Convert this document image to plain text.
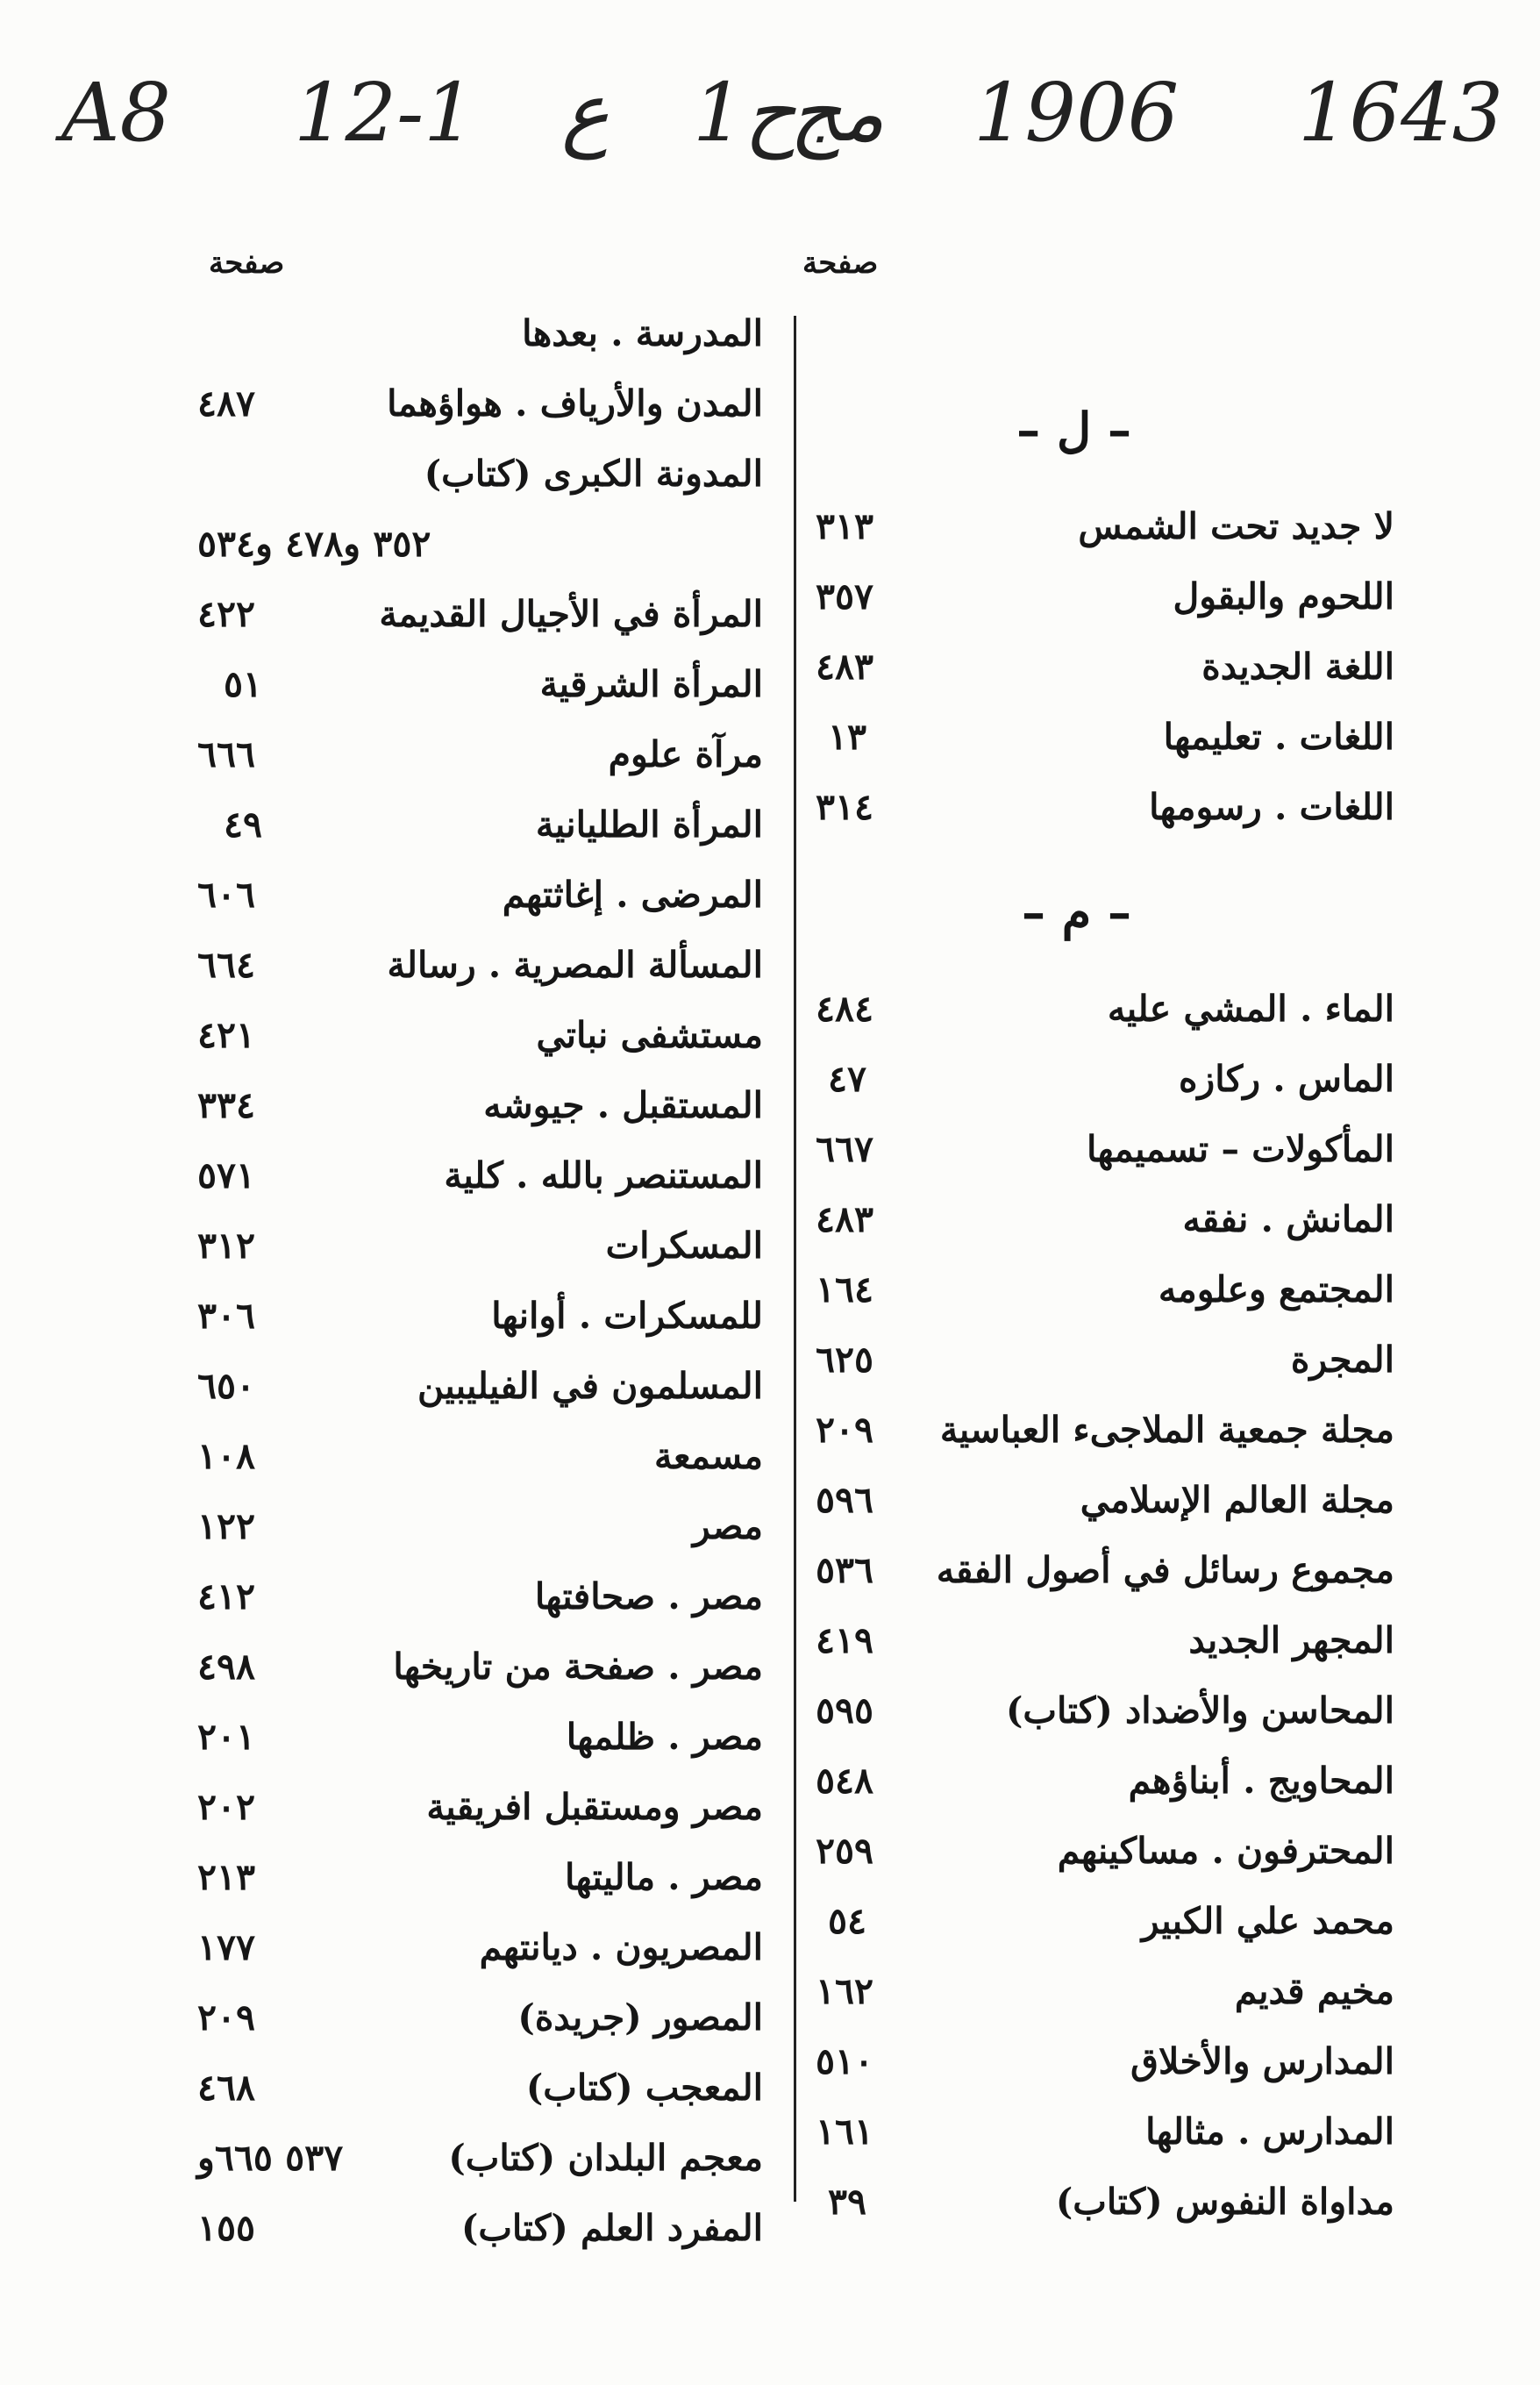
A8 12-1 ع 1ح
مج 1906 1643
صفحة	صفحة
– ل –
٣١٣	لا جديد تحت الشمس
٣٥٧	اللحوم والبقول
٤٨٣	اللغة الجديدة
١٣	اللغات . تعليمها
٣١٤	اللغات . رسومها
– م –
٤٨٤	الماء . المشي عليه
٤٧	الماس . ركازه
٦٦٧	المأكولات – تسميمها
٤٨٣	المانش . نفقه
١٦٤	المجتمع وعلومه
٦٢٥	المجرة
٢٠٩ مجلة جمعية الملاجىء العباسية
٥٩٦	مجلة العالم الإسلامي
٥٣٦ مجموع رسائل في أصول الفقه
٤١٩	المجهر الجديد
٥٩٥	المحاسن والأضداد (كتاب)
٥٤٨	المحاويج . أبناؤهم
٢٥٩	المحترفون . مساكينهم
٥٤	محمد علي الكبير
١٦٢	مخيم قديم
٥١٠	المدارس والأخلاق
١٦١	المدارس . مثالها
٣٩	مداواة النفوس (كتاب)
المدرسة . بعدها
٤٨٧	المدن والأرياف . هواؤهما
المدونة الكبرى (كتاب)
٣٥٢ و٤٧٨ و٥٣٤
٤٢٢	المرأة في الأجيال القديمة
٥١	المرأة الشرقية
٦٦٦	مرآة علوم
٤٩	المرأة الطليانية
٦٠٦	المرضى . إغاثتهم
٦٦٤	المسألة المصرية . رسالة
٤٢١	مستشفى نباتي
٣٣٤	المستقبل . جيوشه
٥٧١	المستنصر بالله . كلية
٣١٢	المسكرات
٣٠٦	للمسكرات . أوانها
٦٥٠	المسلمون في الفيليبين
١٠٨	مسمعة
١٢٢	مصر
٤١٢	مصر . صحافتها
٤٩٨	مصر . صفحة من تاريخها
٢٠١	مصر . ظلمها
٢٠٢	مصر ومستقبل افريقية
٢١٣	مصر . ماليتها
١٧٧	المصريون . ديانتهم
٢٠٩	المصور (جريدة)
٤٦٨	المعجب (كتاب)
٥٣٧ ٦٦٥و	معجم البلدان (كتاب)
١٥٥	المفرد العلم (كتاب)
